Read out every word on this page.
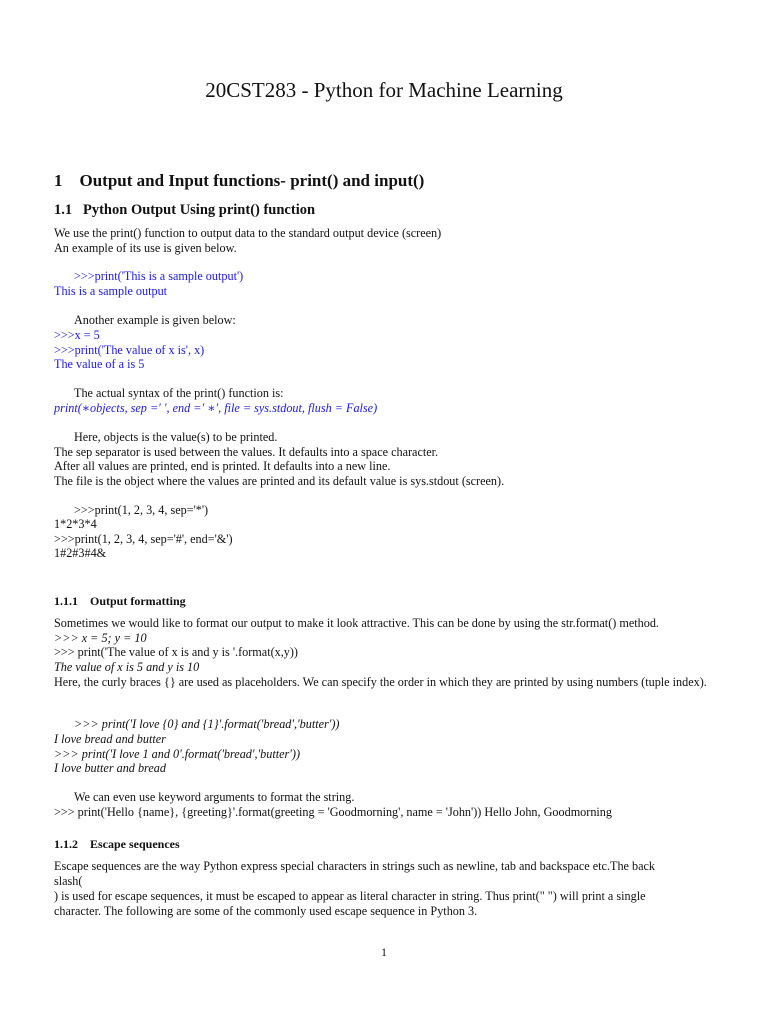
20CST283 - Python for Machine Learning
1 Output and Input functions- print() and input()
1.1 Python Output Using print() function
We use the print() function to output data to the standard output device (screen)
An example of its use is given below.
>>>print('This is a sample output')
This is a sample output
Another example is given below:
>>>x = 5
>>>print('The value of x is', x)
The value of a is 5
The actual syntax of the print() function is:
print(∗objects, sep =′ ′, end =′ ∗′, file = sys.stdout, flush = False)
Here, objects is the value(s) to be printed.
The sep separator is used between the values. It defaults into a space character.
After all values are printed, end is printed. It defaults into a new line.
The file is the object where the values are printed and its default value is sys.stdout (screen).
>>>print(1, 2, 3, 4, sep='*')
1*2*3*4
>>>print(1, 2, 3, 4, sep='#', end='&')
1#2#3#4&
1.1.1 Output formatting
Sometimes we would like to format our output to make it look attractive. This can be done by using the str.format() method.
>>> x = 5; y = 10
>>> print('The value of x is and y is '.format(x,y))
The value of x is 5 and y is 10
Here, the curly braces {} are used as placeholders. We can specify the order in which they are printed by using numbers (tuple index).
>>> print('I love {0} and {1}'.format('bread','butter'))
I love bread and butter
>>> print('I love 1 and 0'.format('bread','butter'))
I love butter and bread
We can even use keyword arguments to format the string.
>>> print('Hello {name}, {greeting}'.format(greeting = 'Goodmorning', name = 'John')) Hello John, Goodmorning
1.1.2 Escape sequences
Escape sequences are the way Python express special characters in strings such as newline, tab and backspace etc.The back
slash(
) is used for escape sequences, it must be escaped to appear as literal character in string. Thus print(" ") will print a single
character. The following are some of the commonly used escape sequence in Python 3.
1
